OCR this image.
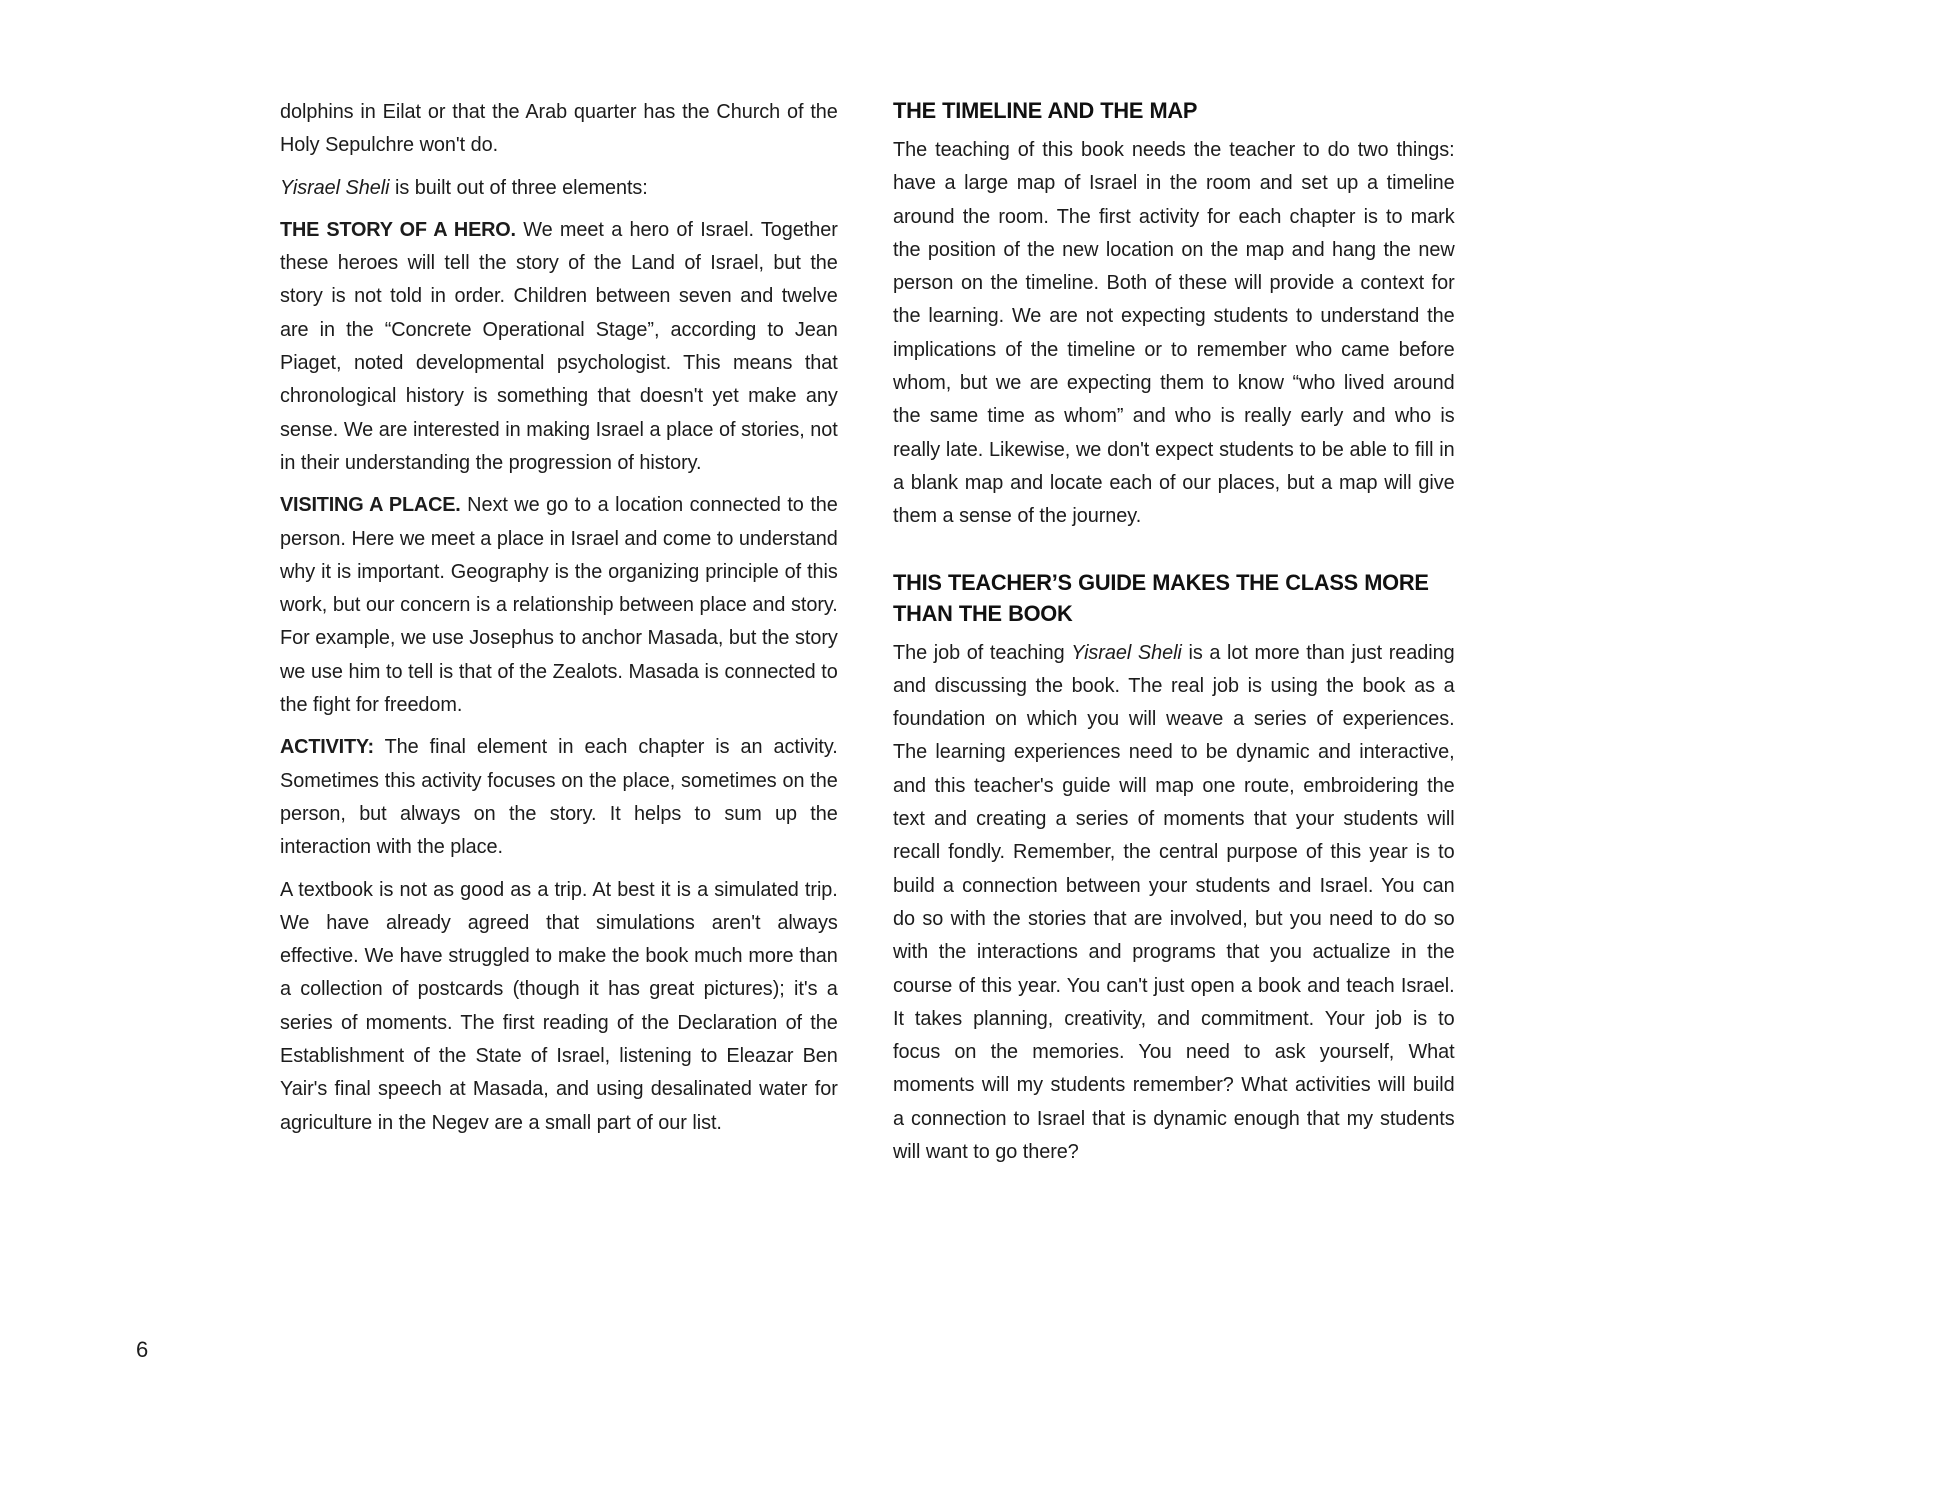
dolphins in Eilat or that the Arab quarter has the Church of the Holy Sepulchre won't do.

Yisrael Sheli is built out of three elements:

THE STORY OF A HERO. We meet a hero of Israel. Together these heroes will tell the story of the Land of Israel, but the story is not told in order. Children between seven and twelve are in the “Concrete Operational Stage”, according to Jean Piaget, noted developmental psychologist. This means that chronological history is something that doesn't yet make any sense. We are interested in making Israel a place of stories, not in their understanding the progression of history.

VISITING A PLACE. Next we go to a location connected to the person. Here we meet a place in Israel and come to understand why it is important. Geography is the organizing principle of this work, but our concern is a relationship between place and story. For example, we use Josephus to anchor Masada, but the story we use him to tell is that of the Zealots. Masada is connected to the fight for freedom.

ACTIVITY: The final element in each chapter is an activity. Sometimes this activity focuses on the place, sometimes on the person, but always on the story. It helps to sum up the interaction with the place.

A textbook is not as good as a trip. At best it is a simulated trip. We have already agreed that simulations aren't always effective. We have struggled to make the book much more than a collection of postcards (though it has great pictures); it's a series of moments. The first reading of the Declaration of the Establishment of the State of Israel, listening to Eleazar Ben Yair's final speech at Masada, and using desalinated water for agriculture in the Negev are a small part of our list.

THE TIMELINE AND THE MAP

The teaching of this book needs the teacher to do two things: have a large map of Israel in the room and set up a timeline around the room. The first activity for each chapter is to mark the position of the new location on the map and hang the new person on the timeline. Both of these will provide a context for the learning. We are not expecting students to understand the implications of the timeline or to remember who came before whom, but we are expecting them to know “who lived around the same time as whom” and who is really early and who is really late. Likewise, we don't expect students to be able to fill in a blank map and locate each of our places, but a map will give them a sense of the journey.

THIS TEACHER’S GUIDE MAKES THE CLASS MORE THAN THE BOOK

The job of teaching Yisrael Sheli is a lot more than just reading and discussing the book. The real job is using the book as a foundation on which you will weave a series of experiences. The learning experiences need to be dynamic and interactive, and this teacher's guide will map one route, embroidering the text and creating a series of moments that your students will recall fondly. Remember, the central purpose of this year is to build a connection between your students and Israel. You can do so with the stories that are involved, but you need to do so with the interactions and programs that you actualize in the course of this year. You can't just open a book and teach Israel. It takes planning, creativity, and commitment. Your job is to focus on the memories. You need to ask yourself, What moments will my students remember? What activities will build a connection to Israel that is dynamic enough that my students will want to go there?

6
